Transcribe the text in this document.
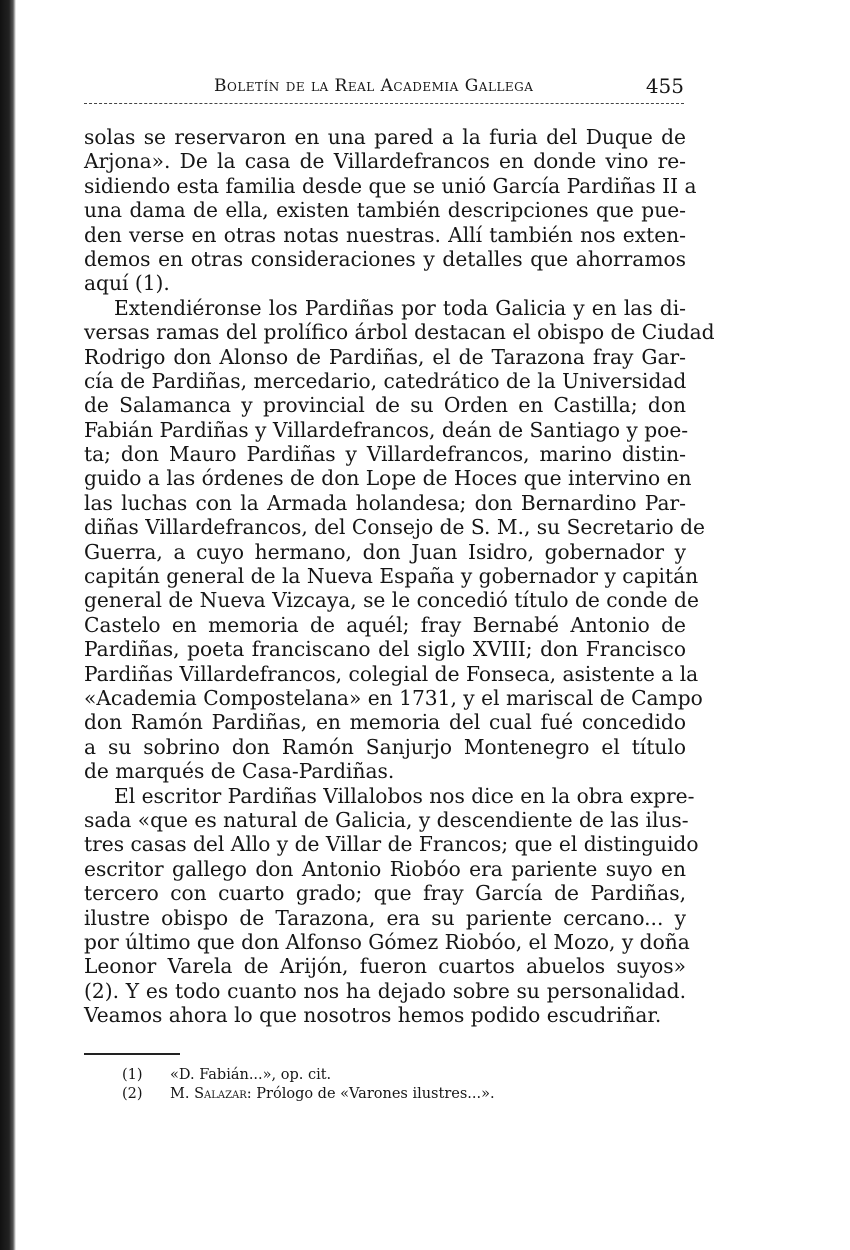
Boletín de la Real Academia Gallega	455
solas se reservaron en una pared a la furia del Duque de
Arjona». De la casa de Villardefrancos en donde vino re-
sidiendo esta familia desde que se unió García Pardiñas II a
una dama de ella, existen también descripciones que pue-
den verse en otras notas nuestras. Allí también nos exten-
demos en otras consideraciones y detalles que ahorramos
aquí (1).
Extendiéronse los Pardiñas por toda Galicia y en las di-
versas ramas del prolífico árbol destacan el obispo de Ciudad
Rodrigo don Alonso de Pardiñas, el de Tarazona fray Gar-
cía de Pardiñas, mercedario, catedrático de la Universidad
de Salamanca y provincial de su Orden en Castilla; don
Fabián Pardiñas y Villardefrancos, deán de Santiago y poe-
ta; don Mauro Pardiñas y Villardefrancos, marino distin-
guido a las órdenes de don Lope de Hoces que intervino en
las luchas con la Armada holandesa; don Bernardino Par-
diñas Villardefrancos, del Consejo de S. M., su Secretario de
Guerra, a cuyo hermano, don Juan Isidro, gobernador y
capitán general de la Nueva España y gobernador y capitán
general de Nueva Vizcaya, se le concedió título de conde de
Castelo en memoria de aquél; fray Bernabé Antonio de
Pardiñas, poeta franciscano del siglo XVIII; don Francisco
Pardiñas Villardefrancos, colegial de Fonseca, asistente a la
«Academia Compostelana» en 1731, y el mariscal de Campo
don Ramón Pardiñas, en memoria del cual fué concedido
a su sobrino don Ramón Sanjurjo Montenegro el título
de marqués de Casa-Pardiñas.
El escritor Pardiñas Villalobos nos dice en la obra expre-
sada «que es natural de Galicia, y descendiente de las ilus-
tres casas del Allo y de Villar de Francos; que el distinguido
escritor gallego don Antonio Riobóo era pariente suyo en
tercero con cuarto grado; que fray García de Pardiñas,
ilustre obispo de Tarazona, era su pariente cercano... y
por último que don Alfonso Gómez Riobóo, el Mozo, y doña
Leonor Varela de Arijón, fueron cuartos abuelos suyos»
(2). Y es todo cuanto nos ha dejado sobre su personalidad.
Veamos ahora lo que nosotros hemos podido escudriñar.
(1) «D. Fabián...», op. cit.
(2) M. Salazar: Prólogo de «Varones ilustres...».
